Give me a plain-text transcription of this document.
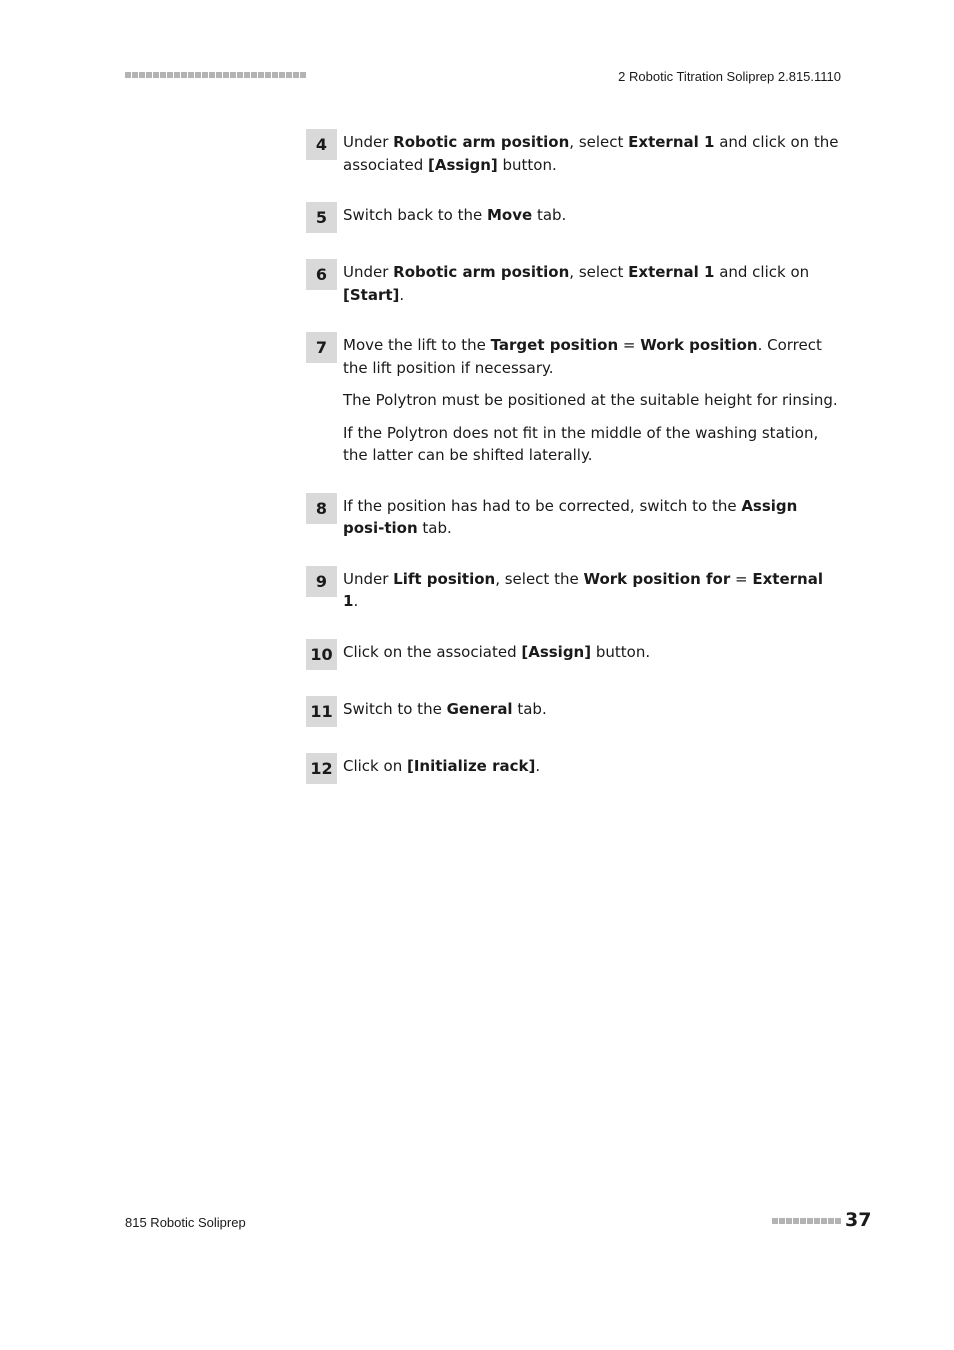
2 Robotic Titration Soliprep 2.815.1110
4	Under Robotic arm position, select External 1 and click on the associated [Assign] button.

5	Switch back to the Move tab.

6	Under Robotic arm position, select External 1 and click on [Start].

7	Move the lift to the Target position = Work position. Correct the lift position if necessary.

The Polytron must be positioned at the suitable height for rinsing.

If the Polytron does not fit in the middle of the washing station, the latter can be shifted laterally.

8	If the position has had to be corrected, switch to the Assign posi-tion tab.

9	Under Lift position, select the Work position for = External 1.

10 Click on the associated [Assign] button.

11 Switch to the General tab.

12 Click on [Initialize rack].

815 Robotic Soliprep	37
